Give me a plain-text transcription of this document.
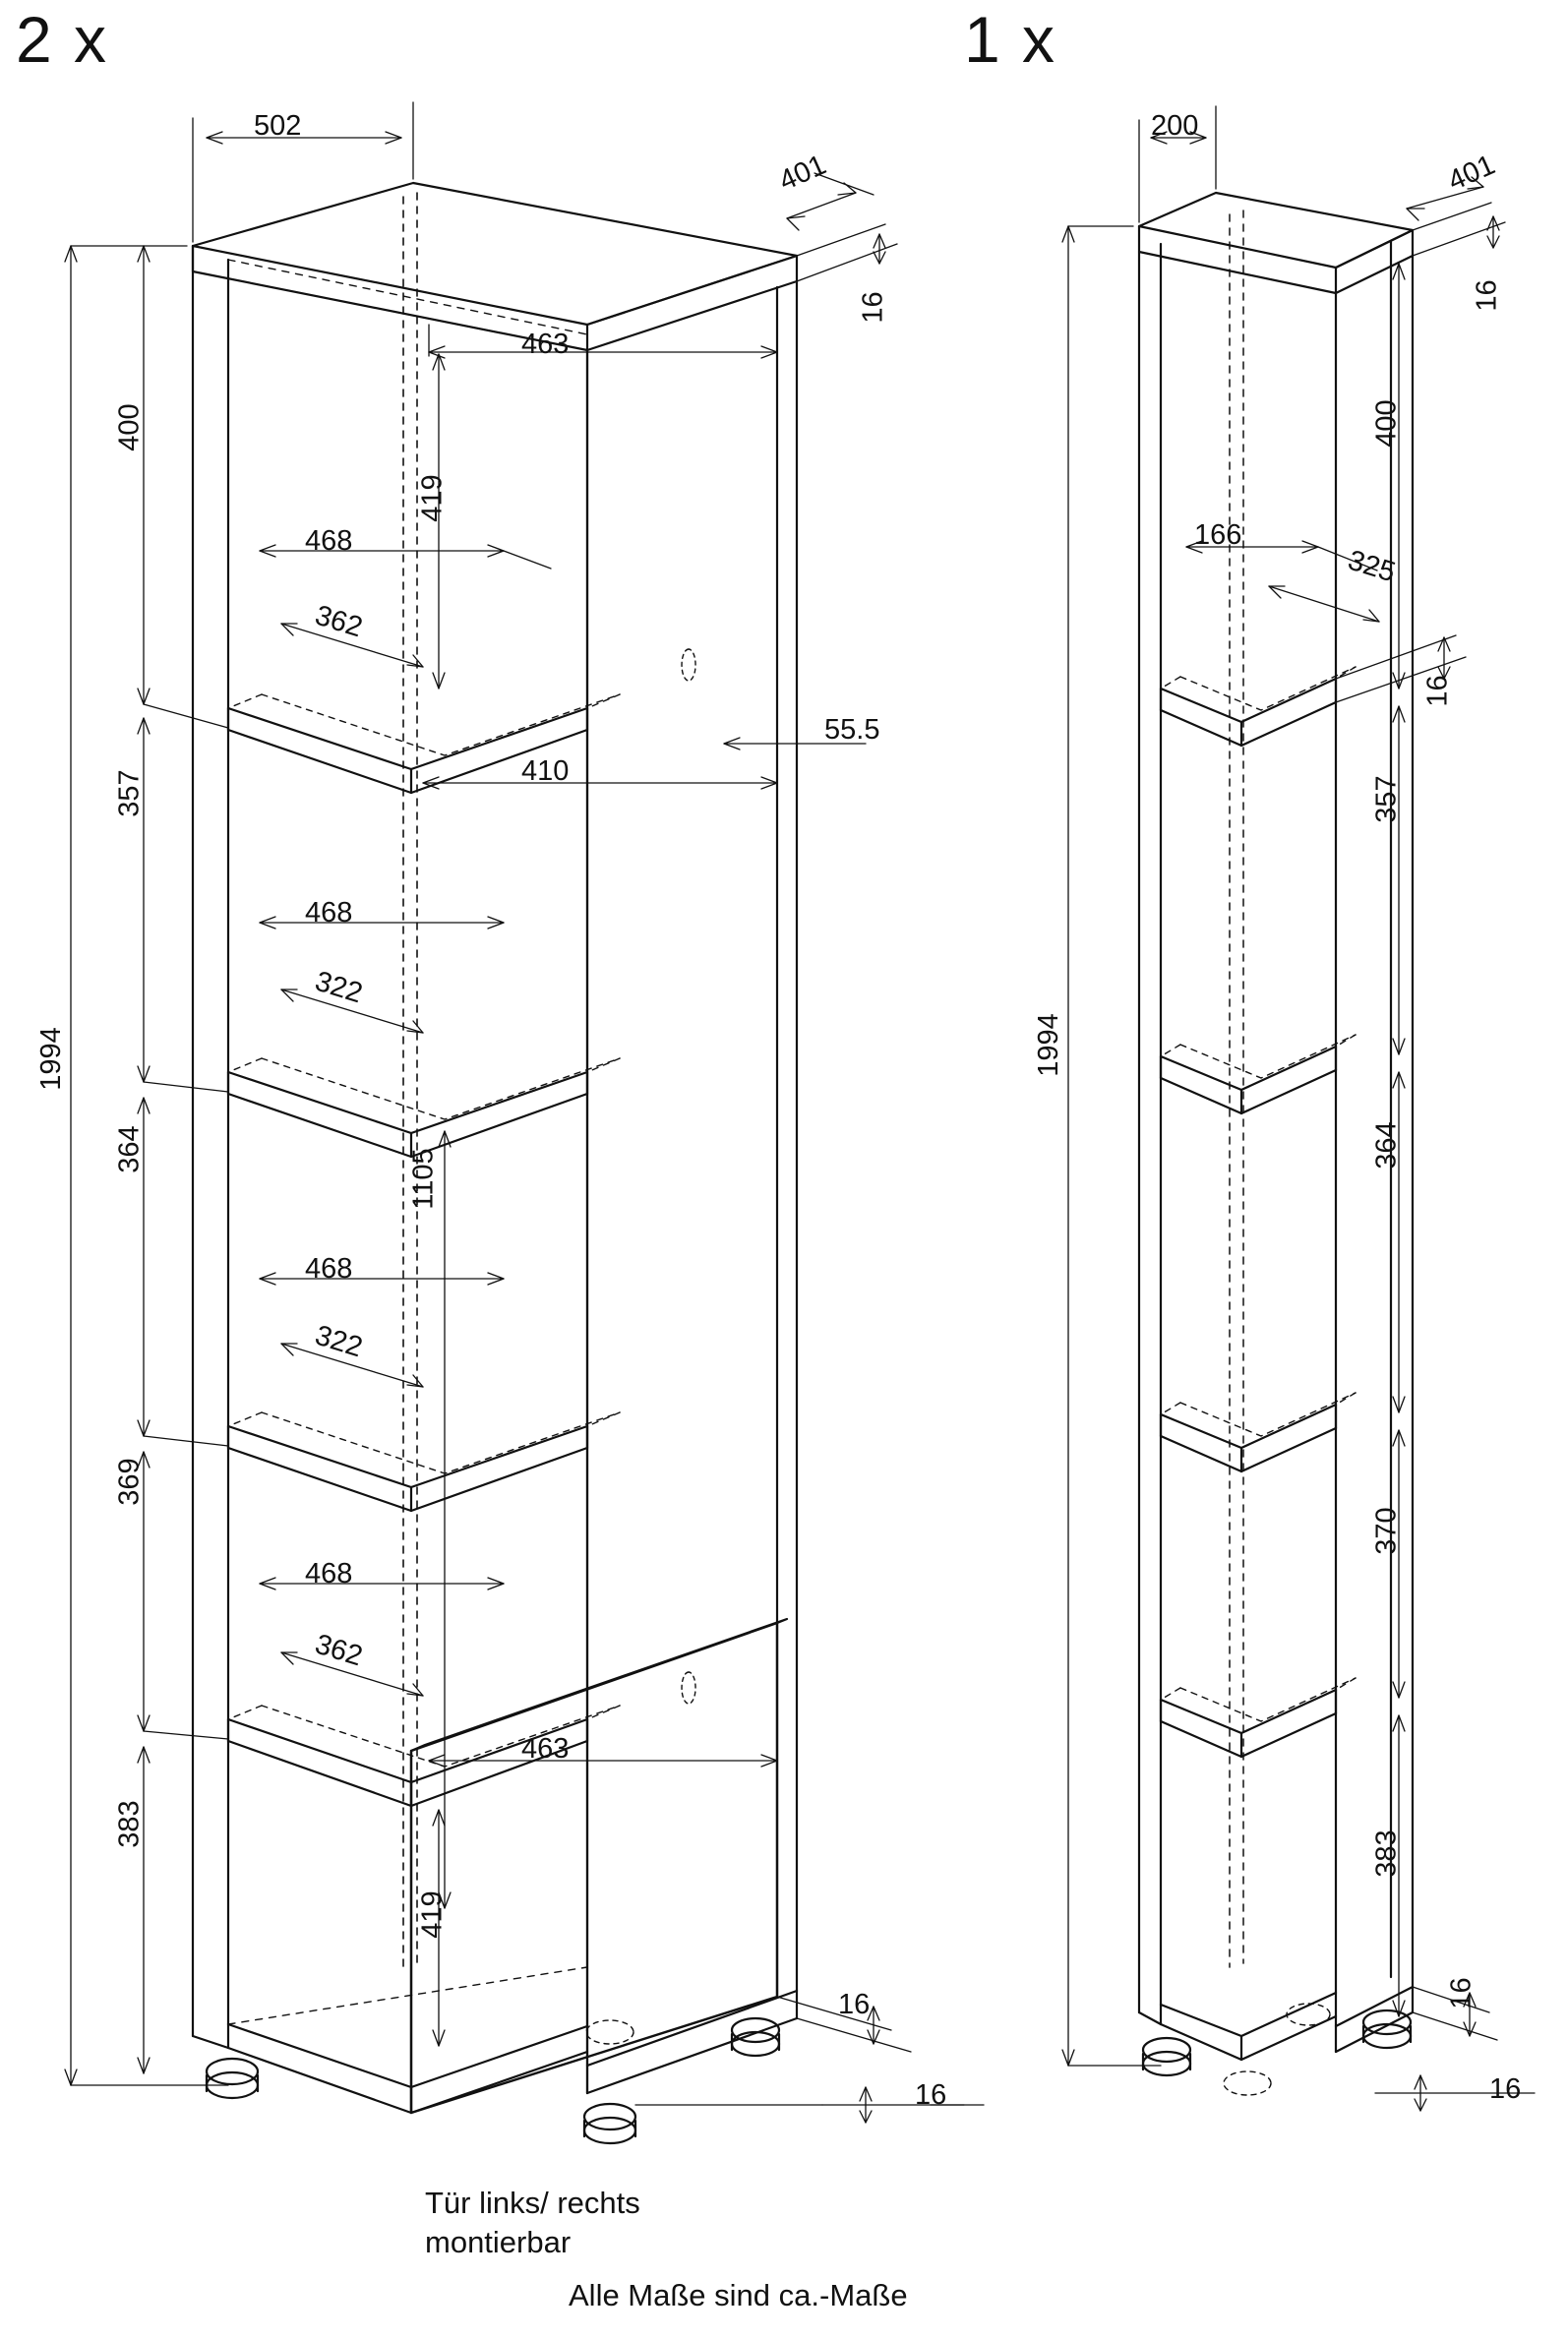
2 x	1 x
502
401
16
1994
400
357
364
369
383
463
419
468
362
468
322
468
322
468
362
410
55.5
1105
463
419
16
16
200
401
16
1994
400
357
364
370
383
166
325
16
16
16
Tür links/ rechts
montierbar
Alle Maße sind ca.-Maße
